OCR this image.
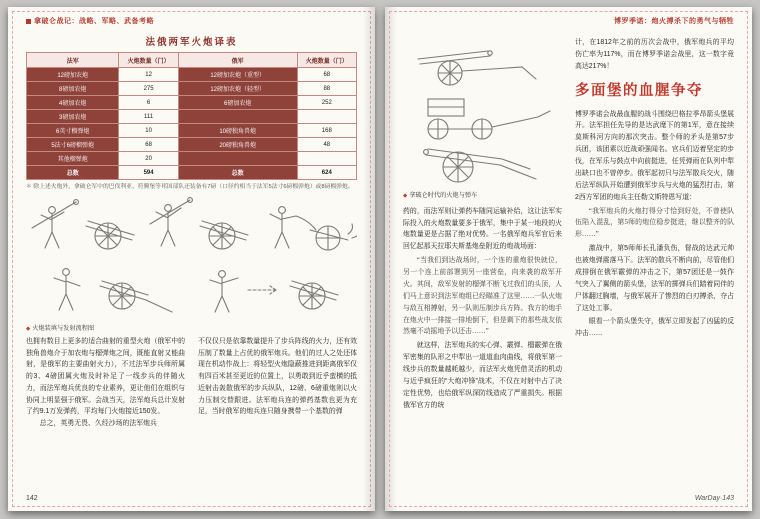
拿破仑战记：战略、军略、武备考略
法俄两军火炮译表
法军	火炮数量（门）	俄军	火炮数量（门）
12磅加农炮	12	12磅加农炮（重型）	68
8磅加农炮	275	12磅加农炮（轻型）	88
4磅加农炮	6	6磅加农炮	252
3磅加农炮	111		
6英寸榴弹炮	10	10磅独角兽炮	168
5法寸6磅榴弹炮	68	20磅独角兽炮	48
其他榴弹炮	20		
总数	594	总数	624
＊ 除上述火炮外，拿破仑军中的巴伐利亚、符腾堡等邦国部队还装备有7磅（口径约相当于法军5法寸6磅榴弹炮）或8磅榴弹炮。
◆ 火炮装填与发射流程图

也拥有数目上更多的适合曲射的重型火炮（俄军中的独角兽炮介于加农炮与榴弹炮之间，既能直射又能曲射，是俄军的主要曲射火力），不过法军步兵师所属的3、4磅团属火炮及时补足了一线步兵的伴随火力，而法军炮兵优良的专业素养，更让他们在组织与协同上明显强于俄军。会战当天，法军炮兵总计发射了约9.1万发弹药，平均每门火炮接近150发。

总之，英勇无畏、久经沙场的法军炮兵

不仅仅只是依靠数量提升了步兵阵线的火力，还有效压制了数量上占优的俄军炮兵。他们的过人之处还体现在机动作战上：将轻型火炮隐蔽推进到距离俄军仅有四百米甚至更近的位置上，以勇敢到近乎蛮横的抵近射击轰散俄军的步兵纵队，12磅、6磅重炮则以火力压制交替跟进。法军炮兵连的弹药基数也更为充足，当时俄军的炮兵连只随身携带一个基数的弹

142
博罗季诺：炮火搏杀下的勇气与牺牲
◆ 拿破仑时代的火炮与弹车

药的，而法军则让弹药车随同运输补给，这让法军实际投入的火炮数量要多于俄军，集中于某一地段的火炮数量更是占据了绝对优势。一名俄军炮兵军官后来回忆起那天拉耶夫斯基炮垒附近的炮战场面：

“当我们到达战场时，一个连的重炮很快就位，另一个连上前部署到另一座营垒，向来袭的敌军开火。其间，敌军发射的榴弹不断飞过我们的头顶，人们马上意识到法军炮组已经瞄准了这里……一队火炮与敌互相搏射，另一队则压制步兵方阵。我方的炮手在炮火中一排接一排地倒下，但是剩下的那些战友依然毫不动摇地予以还击……”

就这样，法军炮兵的实心弹、霰弹、榴霰弹在俄军密集的队形之中犁出一道道血肉曲线，将俄军第一线步兵的数量越耗越少，而法军火炮凭借灵活的机动与近乎疯狂的“大炮冲锋”战术，不仅在对射中占了决定性优势，也给俄军纵深防线造成了严重损失。根据俄军官方的统

计，在1812年之前的历次会战中，俄军炮兵的平均伤亡率为117%，而在博罗季诺会战里，这一数字竟高达217%！

多面堡的血腥争夺

博罗季诺会战最血腥的战斗围绕巴格拉季昂箭头堡展开。法军担任先导的是达武麾下的第1军，意在接续莫斯科河方向的那次突击。整个师的矛头是第57步兵团，该团素以近战顽强闻名。官兵们迈着坚定的步伐，在军乐与鼓点中向前挺进，任凭弹雨在队列中犁出缺口也不曾停步。俄军起初只与法军散兵交火，随后法军纵队开始遭到俄军步兵与火炮的猛烈打击，第2西方军团的炮兵主任勒文斯特恩写道：

“我军炮兵的火炮打得分寸恰到好处，不曾使队伍陷入混乱，第5师的炮位稳步挺进，继以整齐的队形……”

激战中，第5师师长孔潘负伤，督战的达武元帅也被炮弹震落马下。法军的散兵不断向前，尽管他们成排倒在俄军霰弹的冲击之下，第57团还是一鼓作气突入了翼侧的箭头堡，法军的掷弹兵们踏着同伴的尸体翻过胸墙，与俄军展开了惨烈的白刃搏杀，夺占了这处工事。

眼看一个箭头堡失守，俄军立即发起了凶猛的反冲击……

WarDay·143
